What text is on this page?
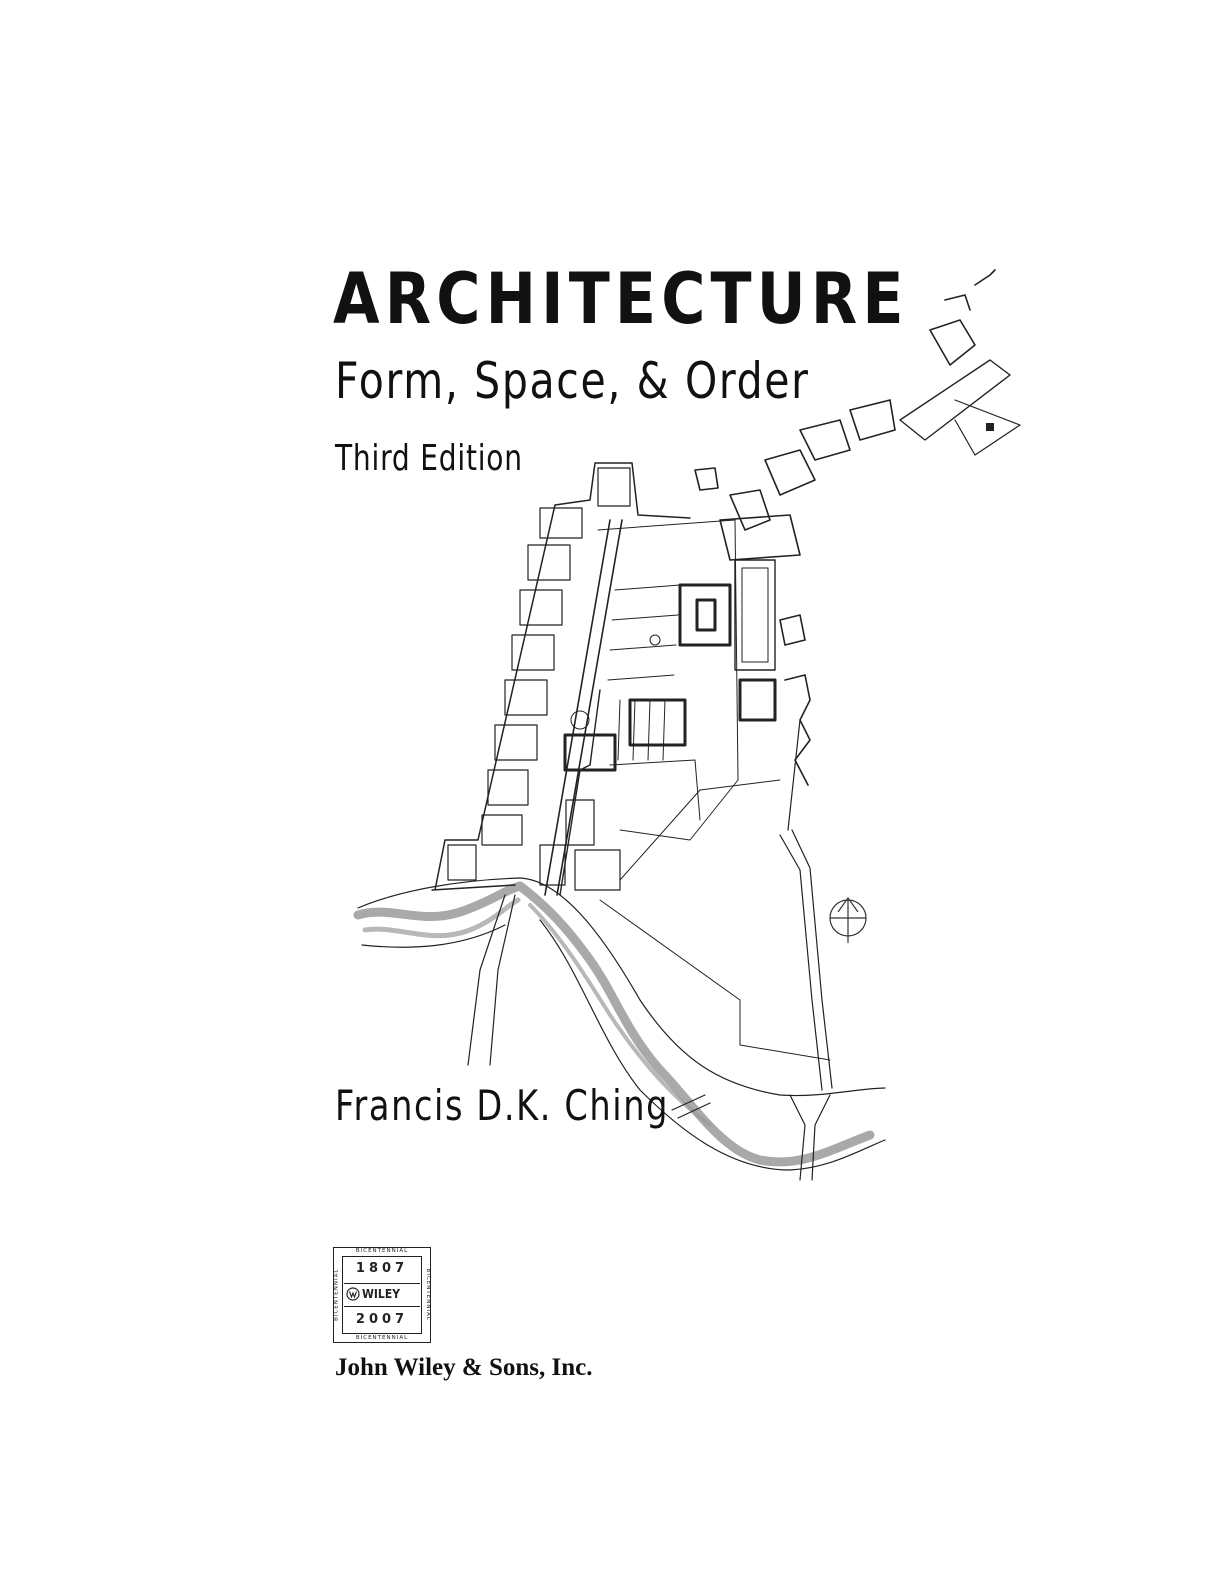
ARCHITECTURE
Form, Space, & Order
Third Edition
Francis D.K. Ching
BICENTENNIAL
BICENTENNIAL
BICENTENNIAL	BICENTENNIAL
1807
WILEY
2007
John Wiley & Sons, Inc.
